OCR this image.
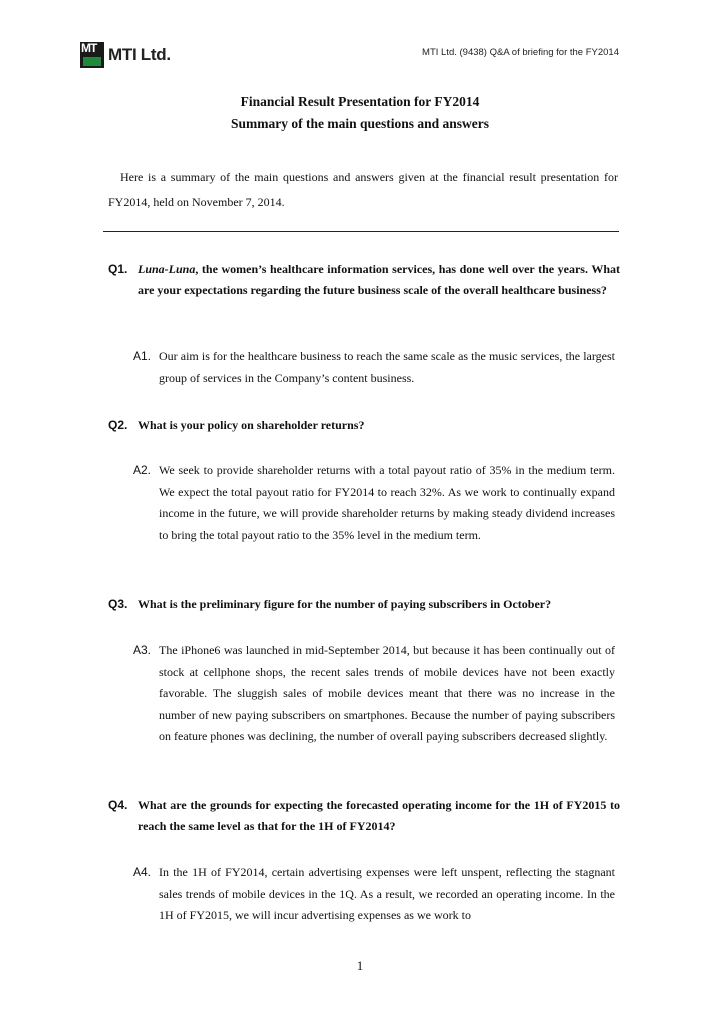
MT MTI Ltd.	MTI Ltd. (9438) Q&A of briefing for the FY2014
Financial Result Presentation for FY2014
Summary of the main questions and answers
Here is a summary of the main questions and answers given at the financial result presentation for FY2014, held on November 7, 2014.
Q1. Luna-Luna, the women’s healthcare information services, has done well over the years. What are your expectations regarding the future business scale of the overall healthcare business?
A1. Our aim is for the healthcare business to reach the same scale as the music services, the largest group of services in the Company’s content business.
Q2. What is your policy on shareholder returns?
A2. We seek to provide shareholder returns with a total payout ratio of 35% in the medium term. We expect the total payout ratio for FY2014 to reach 32%. As we work to continually expand income in the future, we will provide shareholder returns by making steady dividend increases to bring the total payout ratio to the 35% level in the medium term.
Q3. What is the preliminary figure for the number of paying subscribers in October?
A3. The iPhone6 was launched in mid-September 2014, but because it has been continually out of stock at cellphone shops, the recent sales trends of mobile devices have not been exactly favorable. The sluggish sales of mobile devices meant that there was no increase in the number of new paying subscribers on smartphones. Because the number of paying subscribers on feature phones was declining, the number of overall paying subscribers decreased slightly.
Q4. What are the grounds for expecting the forecasted operating income for the 1H of FY2015 to reach the same level as that for the 1H of FY2014?
A4. In the 1H of FY2014, certain advertising expenses were left unspent, reflecting the stagnant sales trends of mobile devices in the 1Q. As a result, we recorded an operating income. In the 1H of FY2015, we will incur advertising expenses as we work to
1
